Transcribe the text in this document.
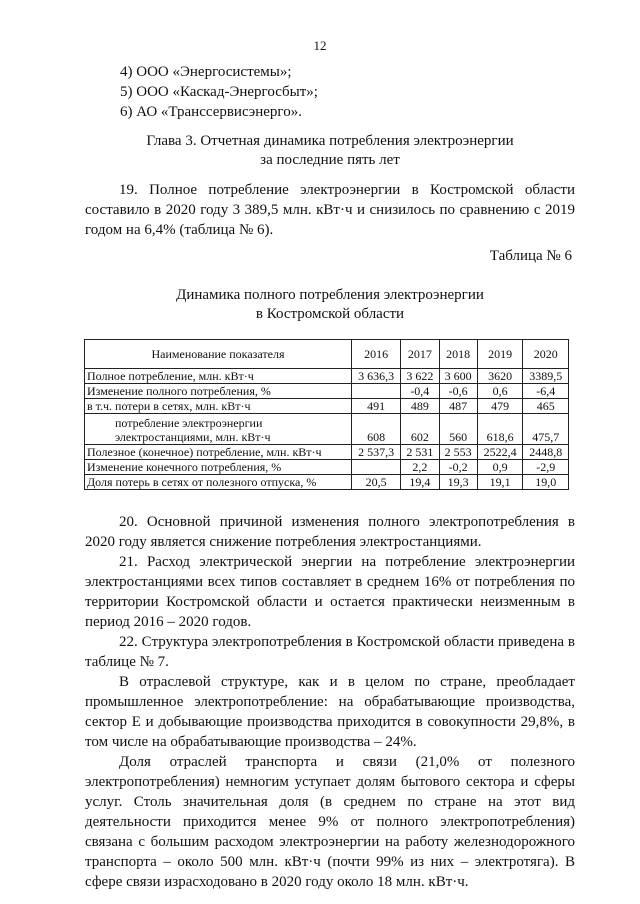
12
4) ООО «Энергосистемы»;
5) ООО «Каскад-Энергосбыт»;
6) АО «Транссервисэнерго».
Глава 3. Отчетная динамика потребления электроэнергии
за последние пять лет

19. Полное потребление электроэнергии в Костромской области составило в 2020 году 3 389,5 млн. кВт·ч и снизилось по сравнению с 2019 годом на 6,4% (таблица № 6).

Таблица № 6
Динамика полного потребления электроэнергии
в Костромской области
Наименование показателя	2016	2017	2018	2019	2020
Полное потребление, млн. кВт·ч	3 636,3	3 622	3 600	3620	3389,5
Изменение полного потребления, %		-0,4	-0,6	0,6	-6,4
в т.ч. потери в сетях, млн. кВт·ч	491	489	487	479	465
потребление электроэнергии электростанциями, млн. кВт·ч	608	602	560	618,6	475,7
Полезное (конечное) потребление, млн. кВт·ч	2 537,3	2 531	2 553	2522,4	2448,8
Изменение конечного потребления, %		2,2	-0,2	0,9	-2,9
Доля потерь в сетях от полезного отпуска, %	20,5	19,4	19,3	19,1	19,0

20. Основной причиной изменения полного электропотребления в 2020 году является снижение потребления электростанциями.

21. Расход электрической энергии на потребление электроэнергии электростанциями всех типов составляет в среднем 16% от потребления по территории Костромской области и остается практически неизменным в период 2016 – 2020 годов.

22. Структура электропотребления в Костромской области приведена в таблице № 7.

В отраслевой структуре, как и в целом по стране, преобладает промышленное электропотребление: на обрабатывающие производства, сектор Е и добывающие производства приходится в совокупности 29,8%, в том числе на обрабатывающие производства – 24%.

Доля отраслей транспорта и связи (21,0% от полезного электропотребления) немногим уступает долям бытового сектора и сферы услуг. Столь значительная доля (в среднем по стране на этот вид деятельности приходится менее 9% от полного электропотребления) связана с большим расходом электроэнергии на работу железнодорожного транспорта – около 500 млн. кВт·ч (почти 99% из них – электротяга). В сфере связи израсходовано в 2020 году около 18 млн. кВт·ч.
